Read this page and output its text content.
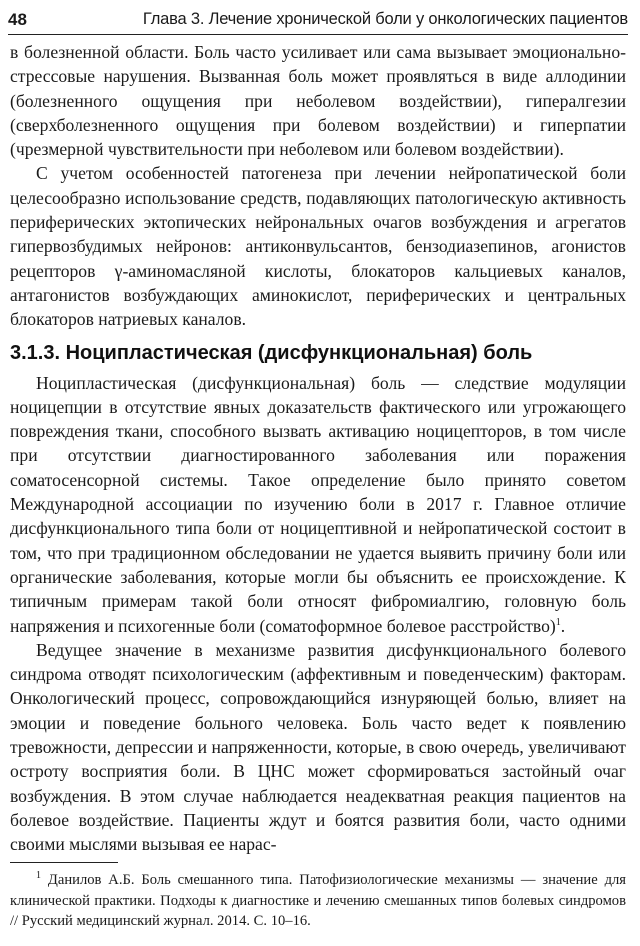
48	Глава 3. Лечение хронической боли у онкологических пациентов

в болезненной области. Боль часто усиливает или сама вызывает эмоционально-стрессовые нарушения. Вызванная боль может проявляться в виде аллодинии (болезненного ощущения при неболевом воздействии), гипералгезии (сверхболезненного ощущения при болевом воздействии) и гиперпатии (чрезмерной чувствительности при неболевом или болевом воздействии).

С учетом особенностей патогенеза при лечении нейропатической боли целесообразно использование средств, подавляющих патологическую активность периферических эктопических нейрональных очагов возбуждения и агрегатов гипервозбудимых нейронов: антиконвульсантов, бензодиазепинов, агонистов рецепторов γ-аминомасляной кислоты, блокаторов кальциевых каналов, антагонистов возбуждающих аминокислот, периферических и центральных блокаторов натриевых каналов.

3.1.3. Ноципластическая (дисфункциональная) боль

Ноципластическая (дисфункциональная) боль — следствие модуляции ноцицепции в отсутствие явных доказательств фактического или угрожающего повреждения ткани, способного вызвать активацию ноцицепторов, в том числе при отсутствии диагностированного заболевания или поражения соматосенсорной системы. Такое определение было принято советом Международной ассоциации по изучению боли в 2017 г. Главное отличие дисфункционального типа боли от ноцицептивной и нейропатической состоит в том, что при традиционном обследовании не удается выявить причину боли или органические заболевания, которые могли бы объяснить ее происхождение. К типичным примерам такой боли относят фибромиалгию, головную боль напряжения и психогенные боли (соматоформное болевое расстройство)$^1$.

Ведущее значение в механизме развития дисфункционального болевого синдрома отводят психологическим (аффективным и поведенческим) факторам. Онкологический процесс, сопровождающийся изнуряющей болью, влияет на эмоции и поведение больного человека. Боль часто ведет к появлению тревожности, депрессии и напряженности, которые, в свою очередь, увеличивают остроту восприятия боли. В ЦНС может сформироваться застойный очаг возбуждения. В этом случае наблюдается неадекватная реакция пациентов на болевое воздействие. Пациенты ждут и боятся развития боли, часто одними своими мыслями вызывая ее нарас-

$^1$ Данилов А.Б. Боль смешанного типа. Патофизиологические механизмы — значение для клинической практики. Подходы к диагностике и лечению смешанных типов болевых синдромов // Русский медицинский журнал. 2014. С. 10–16.
